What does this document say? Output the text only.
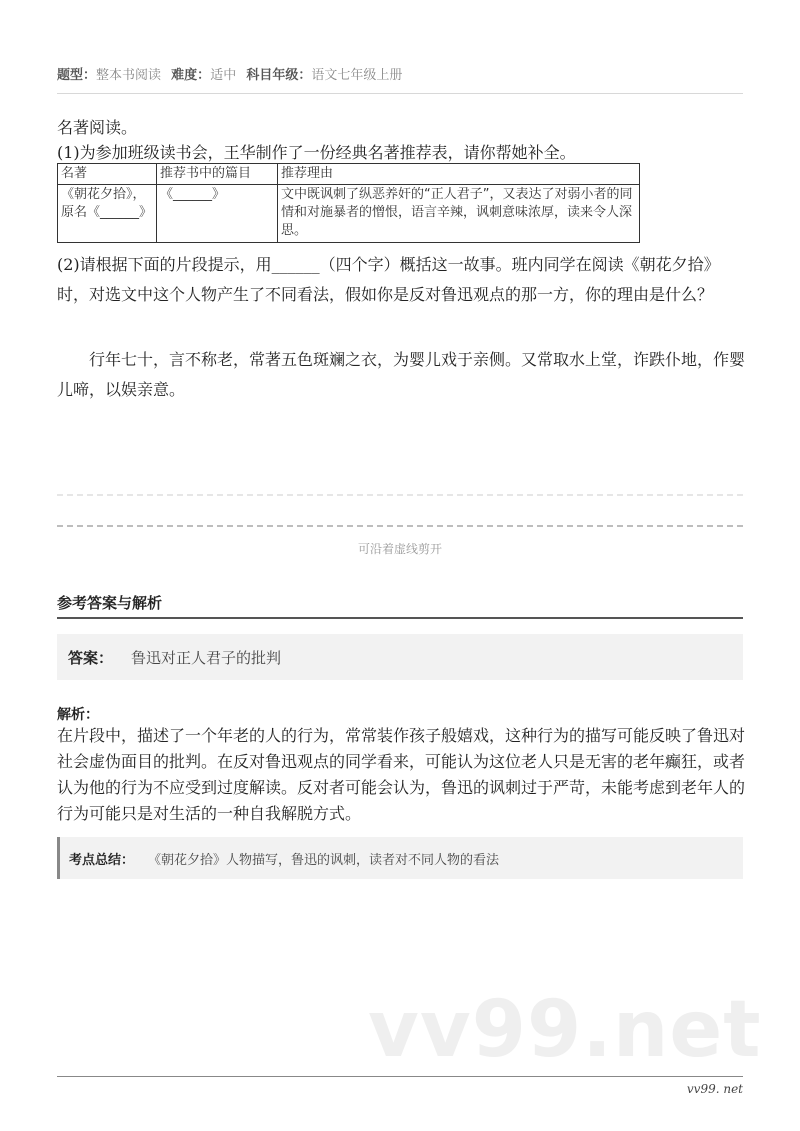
题型：整本书阅读 难度：适中 科目年级：语文七年级上册
名著阅读。
(1)为参加班级读书会，王华制作了一份经典名著推荐表，请你帮她补全。
名著	推荐书中的篇目	推荐理由
《朝花夕拾》，原名《______》	《______》	文中既讽刺了纵恶养奸的“正人君子”，又表达了对弱小者的同情和对施暴者的憎恨，语言辛辣，讽刺意味浓厚，读来令人深思。
(2)请根据下面的片段提示，用______（四个字）概括这一故事。班内同学在阅读《朝花夕拾》时，对选文中这个人物产生了不同看法，假如你是反对鲁迅观点的那一方，你的理由是什么？
行年七十，言不称老，常著五色斑斓之衣，为婴儿戏于亲侧。又常取水上堂，诈跌仆地，作婴儿啼，以娱亲意。
可沿着虚线剪开
参考答案与解析
答案： 鲁迅对正人君子的批判
解析：
在片段中，描述了一个年老的人的行为，常常装作孩子般嬉戏，这种行为的描写可能反映了鲁迅对社会虚伪面目的批判。在反对鲁迅观点的同学看来，可能认为这位老人只是无害的老年癫狂，或者认为他的行为不应受到过度解读。反对者可能会认为，鲁迅的讽刺过于严苛，未能考虑到老年人的行为可能只是对生活的一种自我解脱方式。
考点总结： 《朝花夕拾》人物描写，鲁迅的讽刺，读者对不同人物的看法
vv99.net
vv99. net
